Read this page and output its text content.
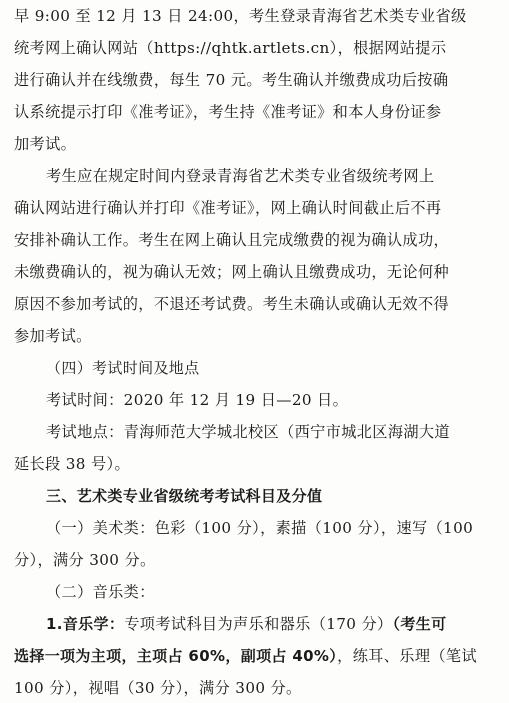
早 9:00 至 12 月 13 日 24:00，考生登录青海省艺术类专业省级
统考网上确认网站（https://qhtk.artlets.cn），根据网站提示
进行确认并在线缴费，每生 70 元。考生确认并缴费成功后按确
认系统提示打印《准考证》，考生持《准考证》和本人身份证参
加考试。
考生应在规定时间内登录青海省艺术类专业省级统考网上
确认网站进行确认并打印《准考证》，网上确认时间截止后不再
安排补确认工作。考生在网上确认且完成缴费的视为确认成功，
未缴费确认的，视为确认无效；网上确认且缴费成功，无论何种
原因不参加考试的，不退还考试费。考生未确认或确认无效不得
参加考试。
（四）考试时间及地点
考试时间：2020 年 12 月 19 日—20 日。
考试地点：青海师范大学城北校区（西宁市城北区海湖大道
延长段 38 号）。
三、艺术类专业省级统考考试科目及分值
（一）美术类：色彩（100 分），素描（100 分），速写（100
分），满分 300 分。
（二）音乐类：
1.音乐学：专项考试科目为声乐和器乐（170 分）（考生可
选择一项为主项，主项占 60%，副项占 40%），练耳、乐理（笔试
100 分），视唱（30 分），满分 300 分。
